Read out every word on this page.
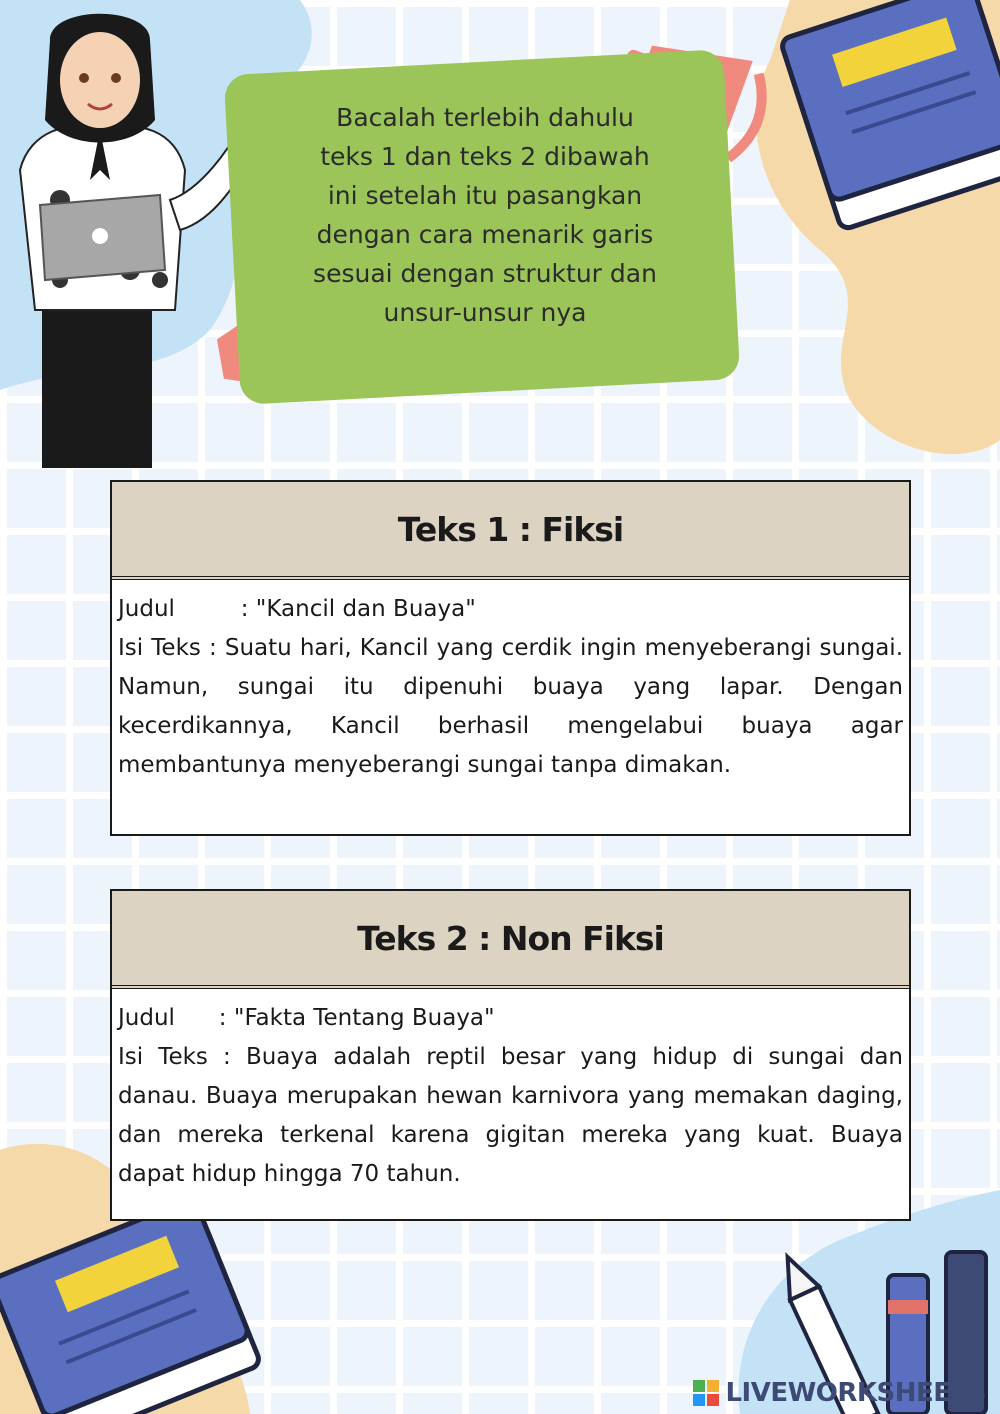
Bacalah terlebih dahulu
teks 1 dan teks 2 dibawah
ini setelah itu pasangkan
dengan cara menarik garis
sesuai dengan struktur dan
unsur-unsur nya

Teks 1 : Fiksi
Judul         : "Kancil dan Buaya"
Isi Teks : Suatu hari, Kancil yang cerdik ingin menyeberangi sungai. Namun, sungai itu dipenuhi buaya yang lapar. Dengan kecerdikannya, Kancil berhasil mengelabui buaya agar membantunya menyeberangi sungai tanpa dimakan.
Teks 2 : Non Fiksi
Judul      : "Fakta Tentang Buaya"
Isi Teks : Buaya adalah reptil besar yang hidup di sungai dan danau. Buaya merupakan hewan karnivora yang memakan daging, dan mereka terkenal karena gigitan mereka yang kuat. Buaya dapat hidup hingga 70 tahun.
LIVEWORKSHEETS
